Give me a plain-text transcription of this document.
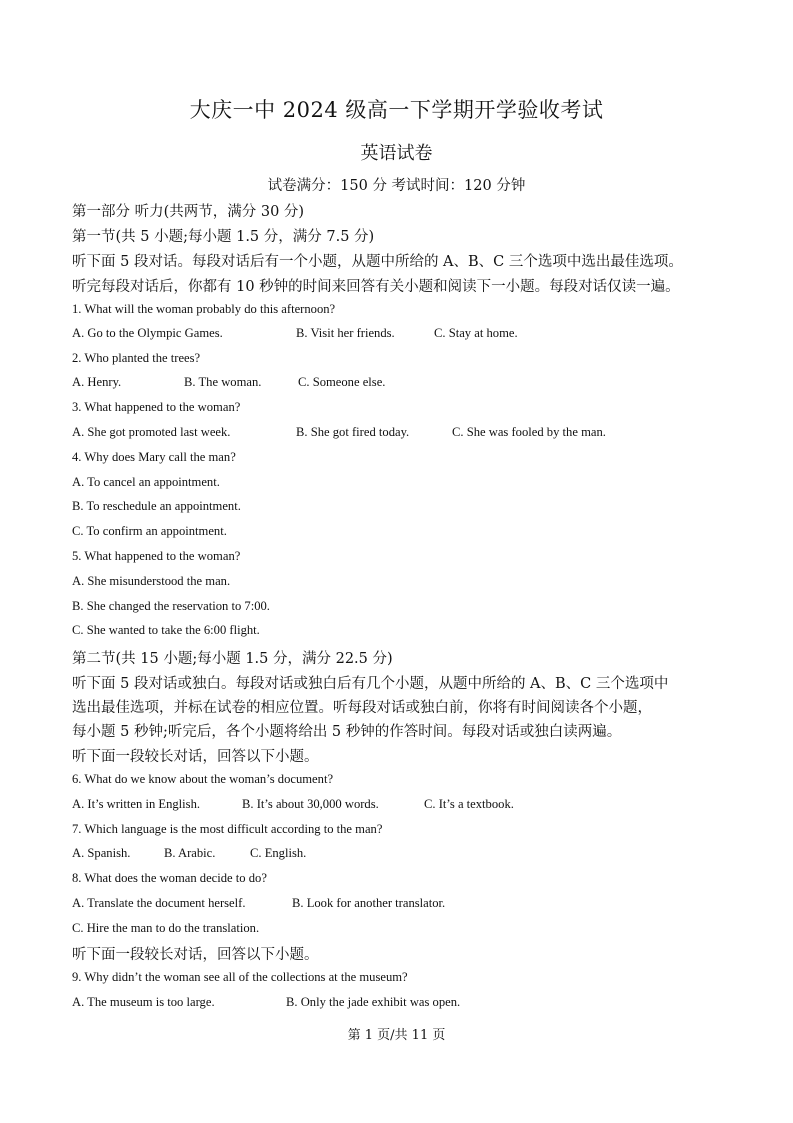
大庆一中 2024 级高一下学期开学验收考试
英语试卷
试卷满分：150 分 考试时间：120 分钟
第一部分 听力(共两节，满分 30 分)
第一节(共 5 小题;每小题 1.5 分，满分 7.5 分)
听下面 5 段对话。每段对话后有一个小题，从题中所给的 A、B、C 三个选项中选出最佳选项。
听完每段对话后，你都有 10 秒钟的时间来回答有关小题和阅读下一小题。每段对话仅读一遍。
1. What will the woman probably do this afternoon?
A. Go to the Olympic Games.	B. Visit her friends.	C. Stay at home.
2. Who planted the trees?
A. Henry.	B. The woman.	C. Someone else.
3. What happened to the woman?
A. She got promoted last week.	B. She got fired today.	C. She was fooled by the man.
4. Why does Mary call the man?
A. To cancel an appointment.
B. To reschedule an appointment.
C. To confirm an appointment.
5. What happened to the woman?
A. She misunderstood the man.
B. She changed the reservation to 7:00.
C. She wanted to take the 6:00 flight.
第二节(共 15 小题;每小题 1.5 分，满分 22.5 分)
听下面 5 段对话或独白。每段对话或独白后有几个小题，从题中所给的 A、B、C 三个选项中
选出最佳选项，并标在试卷的相应位置。听每段对话或独白前，你将有时间阅读各个小题，
每小题 5 秒钟;听完后，各个小题将给出 5 秒钟的作答时间。每段对话或独白读两遍。
听下面一段较长对话，回答以下小题。
6. What do we know about the woman’s document?
A. It’s written in English.	B. It’s about 30,000 words.	C. It’s a textbook.
7. Which language is the most difficult according to the man?
A. Spanish.	B. Arabic.	C. English.
8. What does the woman decide to do?
A. Translate the document herself.	B. Look for another translator.
C. Hire the man to do the translation.
听下面一段较长对话，回答以下小题。
9. Why didn’t the woman see all of the collections at the museum?
A. The museum is too large.	B. Only the jade exhibit was open.
第 1 页/共 11 页
